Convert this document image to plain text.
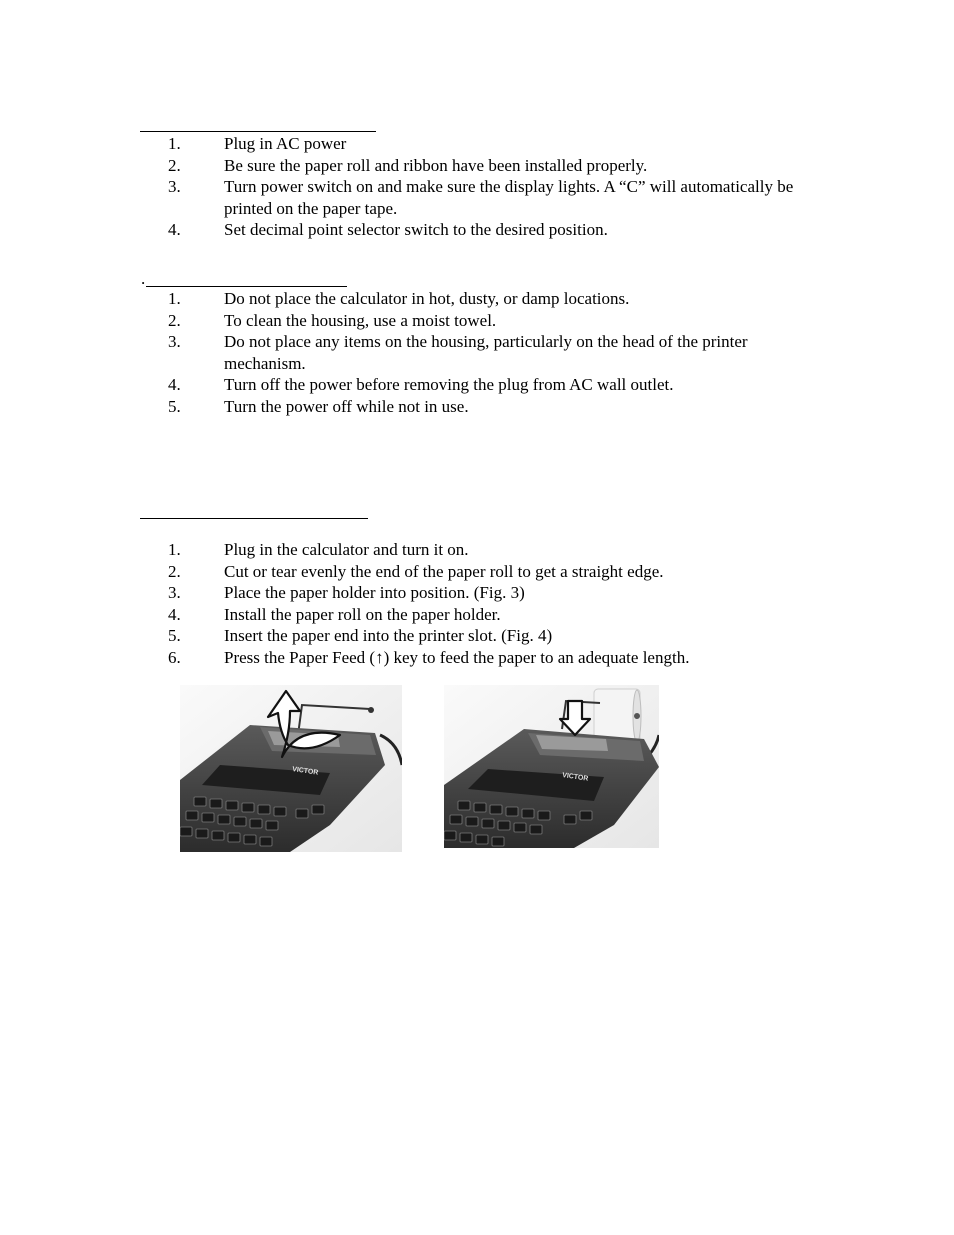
1.	Plug in AC power
2.	Be sure the paper roll and ribbon have been installed properly.
3.	Turn power switch on and make sure the display lights. A “C” will automatically be printed on the paper tape.
4.	Set decimal point selector switch to the desired position.
.
1.	Do not place the calculator in hot, dusty, or damp locations.
2.	To clean the housing, use a moist towel.
3.	Do not place any items on the housing, particularly on the head of the printer mechanism.
4.	Turn off the power before removing the plug from AC wall outlet.
5.	Turn the power off while not in use.
1.	Plug in the calculator and turn it on.
2.	Cut or tear evenly the end of the paper roll to get a straight edge.
3.	Place the paper holder into position. (Fig. 3)
4.	Install the paper roll on the paper holder.
5.	Insert the paper end into the printer slot. (Fig. 4)
6.	Press the Paper Feed (↑) key to feed the paper to an adequate length.
VICTOR
VICTOR
